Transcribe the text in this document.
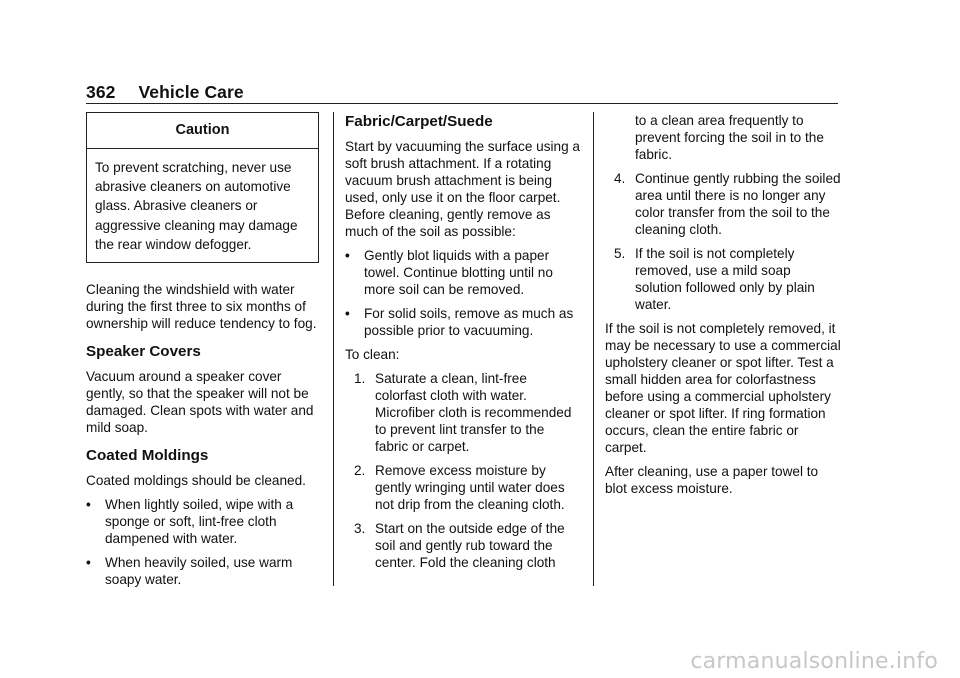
362 Vehicle Care
Caution
To prevent scratching, never use abrasive cleaners on automotive glass. Abrasive cleaners or aggressive cleaning may damage the rear window defogger.

Cleaning the windshield with water during the first three to six months of ownership will reduce tendency to fog.

Speaker Covers

Vacuum around a speaker cover gently, so that the speaker will not be damaged. Clean spots with water and mild soap.

Coated Moldings

Coated moldings should be cleaned.

• When lightly soiled, wipe with a sponge or soft, lint-free cloth dampened with water.
• When heavily soiled, use warm soapy water.
Fabric/Carpet/Suede

Start by vacuuming the surface using a soft brush attachment. If a rotating vacuum brush attachment is being used, only use it on the floor carpet. Before cleaning, gently remove as much of the soil as possible:

• Gently blot liquids with a paper towel. Continue blotting until no more soil can be removed.
• For solid soils, remove as much as possible prior to vacuuming.

To clean:

1. Saturate a clean, lint-free colorfast cloth with water. Microfiber cloth is recommended to prevent lint transfer to the fabric or carpet.
2. Remove excess moisture by gently wringing until water does not drip from the cleaning cloth.
3. Start on the outside edge of the soil and gently rub toward the center. Fold the cleaning cloth
to a clean area frequently to prevent forcing the soil in to the fabric.
4. Continue gently rubbing the soiled area until there is no longer any color transfer from the soil to the cleaning cloth.
5. If the soil is not completely removed, use a mild soap solution followed only by plain water.

If the soil is not completely removed, it may be necessary to use a commercial upholstery cleaner or spot lifter. Test a small hidden area for colorfastness before using a commercial upholstery cleaner or spot lifter. If ring formation occurs, clean the entire fabric or carpet.

After cleaning, use a paper towel to blot excess moisture.

carmanualsonline.info
